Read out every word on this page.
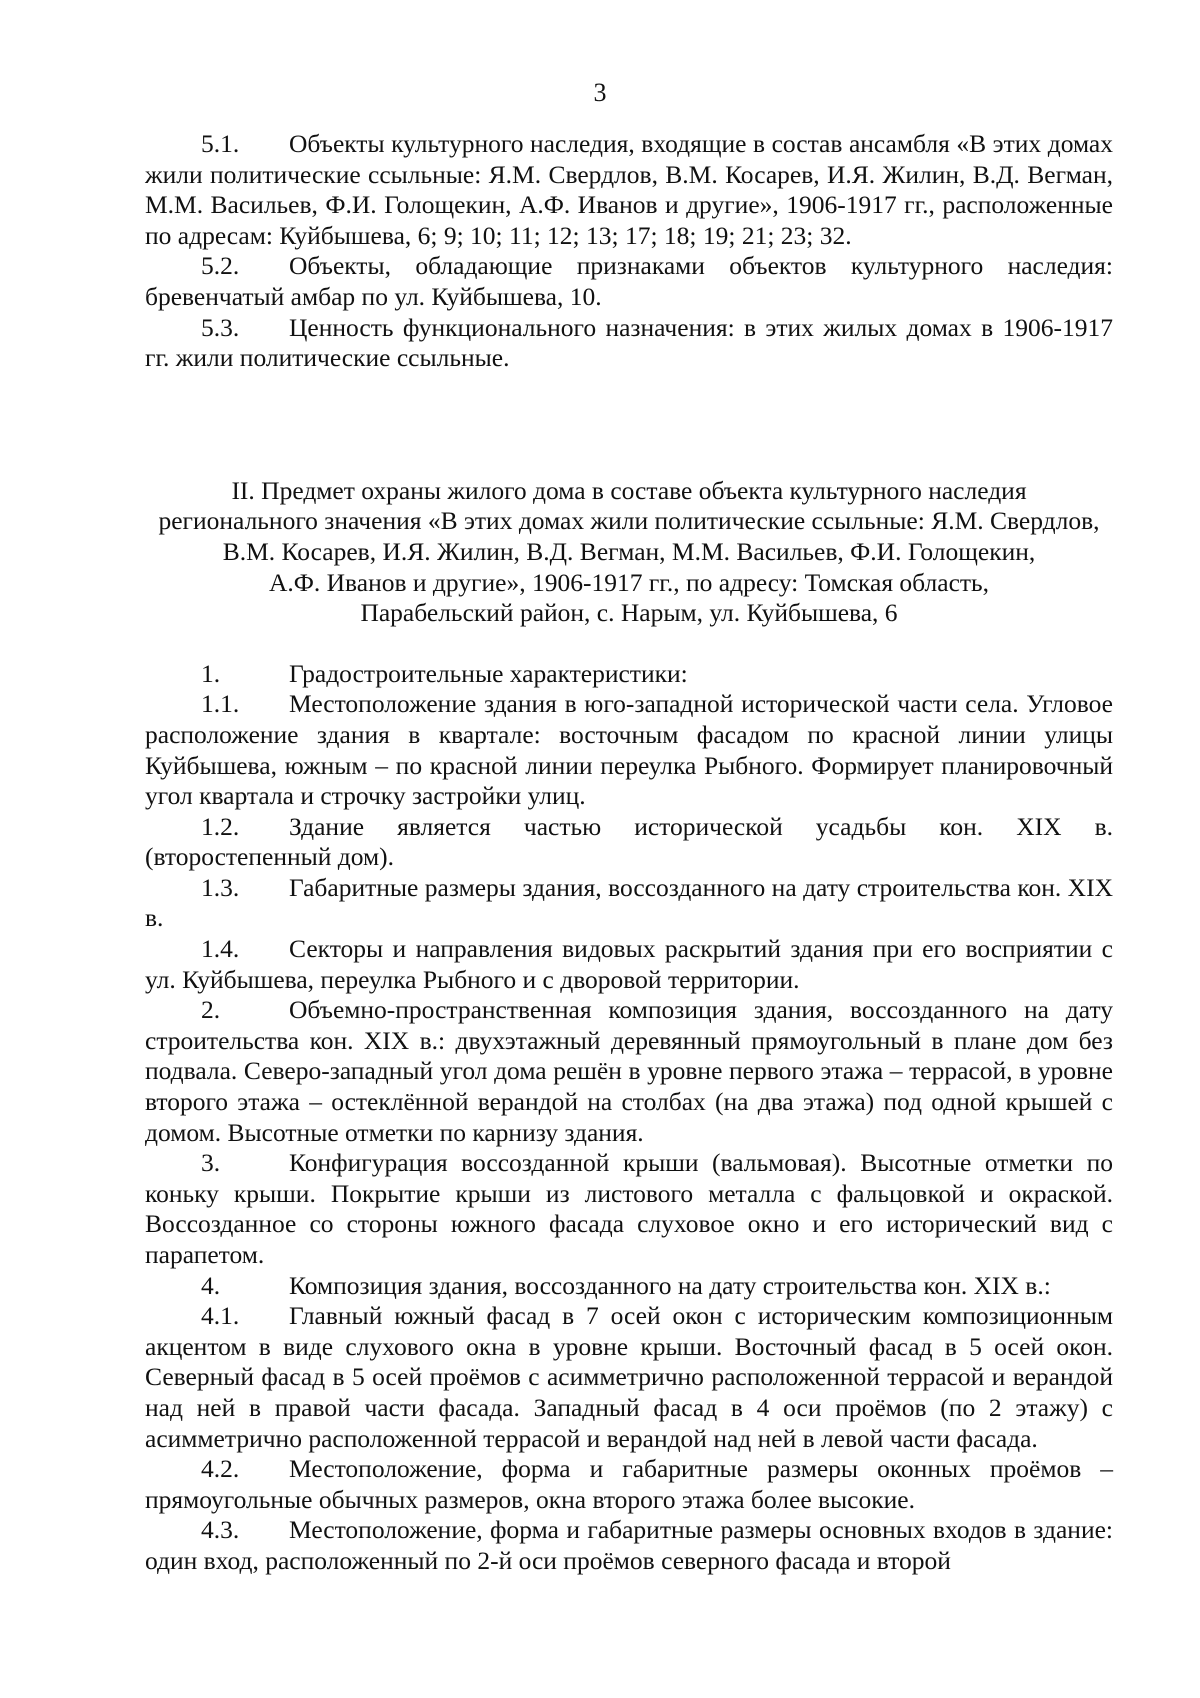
3

5.1. Объекты культурного наследия, входящие в состав ансамбля «В этих домах жили политические ссыльные: Я.М. Свердлов, В.М. Косарев, И.Я. Жилин, В.Д. Вегман, М.М. Васильев, Ф.И. Голощекин, А.Ф. Иванов и другие», 1906-1917 гг., расположенные по адресам: Куйбышева, 6; 9; 10; 11; 12; 13; 17; 18; 19; 21; 23; 32.

5.2. Объекты, обладающие признаками объектов культурного наследия: бревенчатый амбар по ул. Куйбышева, 10.

5.3. Ценность функционального назначения: в этих жилых домах в 1906-1917 гг. жили политические ссыльные.

II. Предмет охраны жилого дома в составе объекта культурного наследия

регионального значения «В этих домах жили политические ссыльные: Я.М. Свердлов,

В.М. Косарев, И.Я. Жилин, В.Д. Вегман, М.М. Васильев, Ф.И. Голощекин,

А.Ф. Иванов и другие», 1906-1917 гг., по адресу: Томская область,

Парабельский район, с. Нарым, ул. Куйбышева, 6

1.	Градостроительные характеристики:

1.1. Местоположение здания в юго-западной исторической части села. Угловое расположение здания в квартале: восточным фасадом по красной линии улицы Куйбышева, южным – по красной линии переулка Рыбного. Формирует планировочный угол квартала и строчку застройки улиц.

1.2. Здание является частью исторической усадьбы кон. XIX в. (второстепенный дом).

1.3. Габаритные размеры здания, воссозданного на дату строительства кон. XIX в.

1.4. Секторы и направления видовых раскрытий здания при его восприятии с ул. Куйбышева, переулка Рыбного и с дворовой территории.

2.	Объемно-пространственная композиция здания, воссозданного на дату строительства кон. XIX в.: двухэтажный деревянный прямоугольный в плане дом без подвала. Северо-западный угол дома решён в уровне первого этажа – террасой, в уровне второго этажа – остеклённой верандой на столбах (на два этажа) под одной крышей с домом. Высотные отметки по карнизу здания.

3.	Конфигурация воссозданной крыши (вальмовая). Высотные отметки по коньку крыши. Покрытие крыши из листового металла с фальцовкой и окраской. Воссозданное со стороны южного фасада слуховое окно и его исторический вид с парапетом.

4.	Композиция здания, воссозданного на дату строительства кон. XIX в.:

4.1. Главный южный фасад в 7 осей окон с историческим композиционным акцентом в виде слухового окна в уровне крыши. Восточный фасад в 5 осей окон. Северный фасад в 5 осей проёмов с асимметрично расположенной террасой и верандой над ней в правой части фасада. Западный фасад в 4 оси проёмов (по 2 этажу) с асимметрично расположенной террасой и верандой над ней в левой части фасада.

4.2. Местоположение, форма и габаритные размеры оконных проёмов – прямоугольные обычных размеров, окна второго этажа более высокие.

4.3. Местоположение, форма и габаритные размеры основных входов в здание: один вход, расположенный по 2-й оси проёмов северного фасада и второй
